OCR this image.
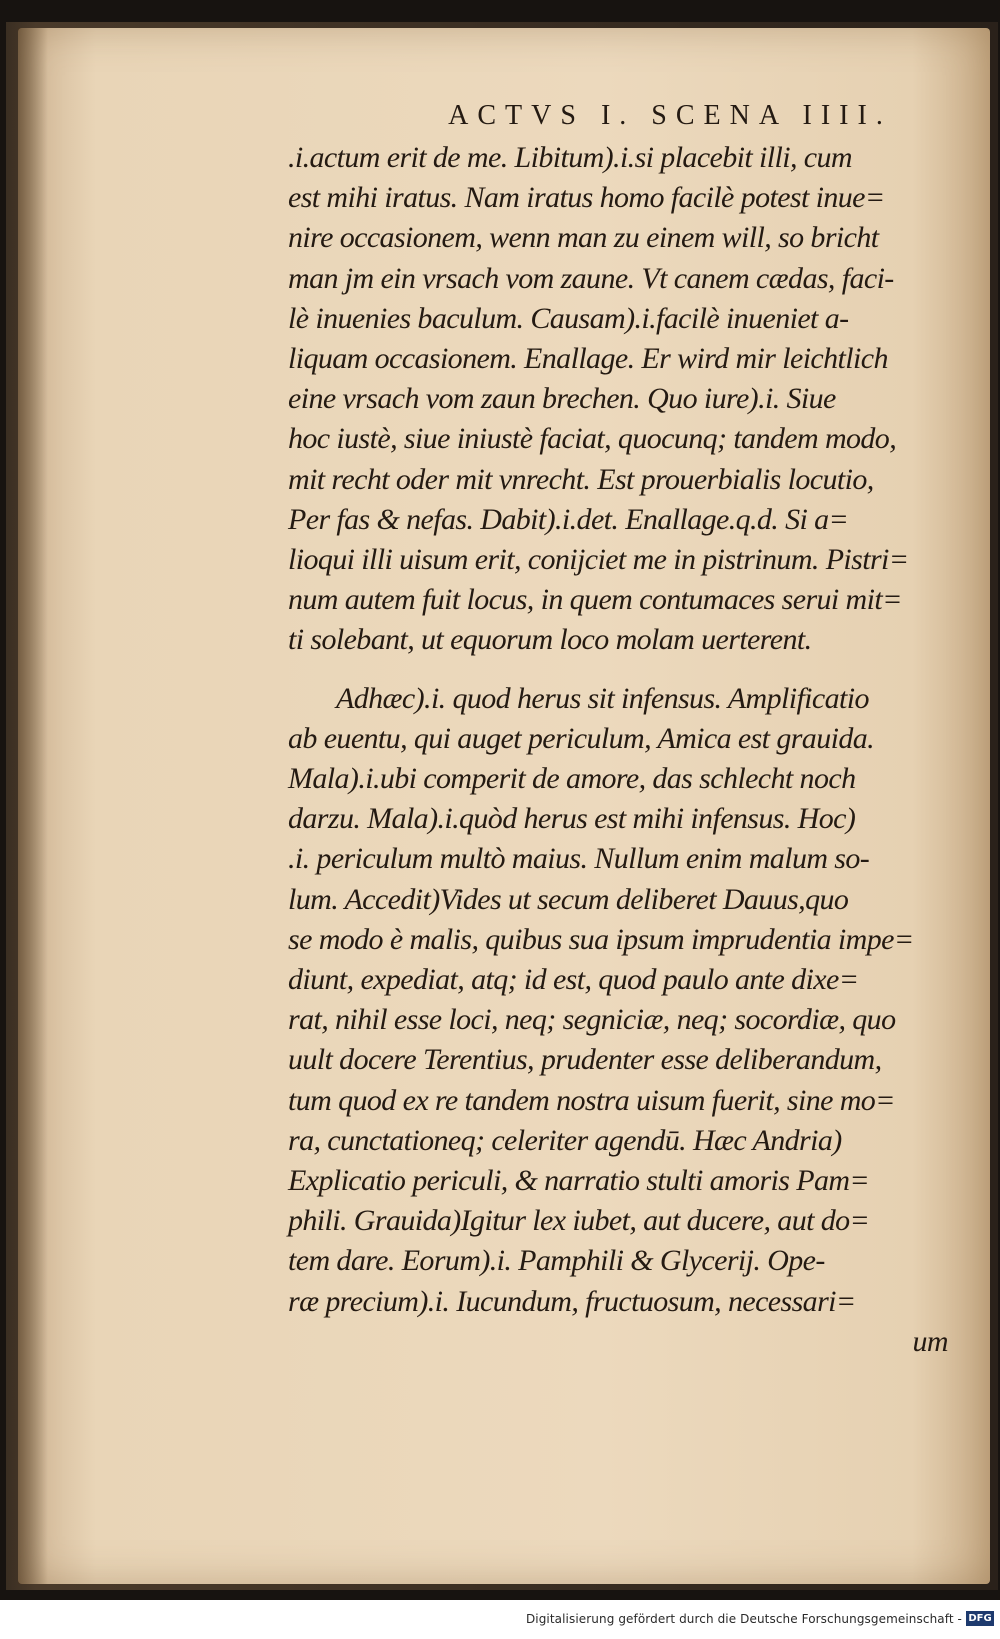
ACTVS I. SCENA IIII.
.i.actum erit de me. Libitum).i.si placebit illi, cum
est mihi iratus. Nam iratus homo facilè potest inue=
nire occasionem, wenn man zu einem will, so bricht
man jm ein vrsach vom zaune. Vt canem cædas, faci-
lè inuenies baculum. Causam).i.facilè inueniet a-
liquam occasionem. Enallage. Er wird mir leichtlich
eine vrsach vom zaun brechen. Quo iure).i. Siue
hoc iustè, siue iniustè faciat, quocunq; tandem modo,
mit recht oder mit vnrecht. Est prouerbialis locutio,
Per fas & nefas. Dabit).i.det. Enallage.q.d. Si a=
lioqui illi uisum erit, conijciet me in pistrinum. Pistri=
num autem fuit locus, in quem contumaces serui mit=
ti solebant, ut equorum loco molam uerterent.
Adhæc).i. quod herus sit infensus. Amplificatio
ab euentu, qui auget periculum, Amica est grauida.
Mala).i.ubi comperit de amore, das schlecht noch
darzu. Mala).i.quòd herus est mihi infensus. Hoc)
.i. periculum multò maius. Nullum enim malum so-
lum. Accedit)Vides ut secum deliberet Dauus,quo
se modo è malis, quibus sua ipsum imprudentia impe=
diunt, expediat, atq; id est, quod paulo ante dixe=
rat, nihil esse loci, neq; segniciæ, neq; socordiæ, quo
uult docere Terentius, prudenter esse deliberandum,
tum quod ex re tandem nostra uisum fuerit, sine mo=
ra, cunctationeq; celeriter agendū. Hæc Andria)
Explicatio periculi, & narratio stulti amoris Pam=
phili. Grauida)Igitur lex iubet, aut ducere, aut do=
tem dare. Eorum).i. Pamphili & Glycerij. Ope-
ræ precium).i. Iucundum, fructuosum, necessari=
um
Digitalisierung gefördert durch die Deutsche Forschungsgemeinschaft - DFG
